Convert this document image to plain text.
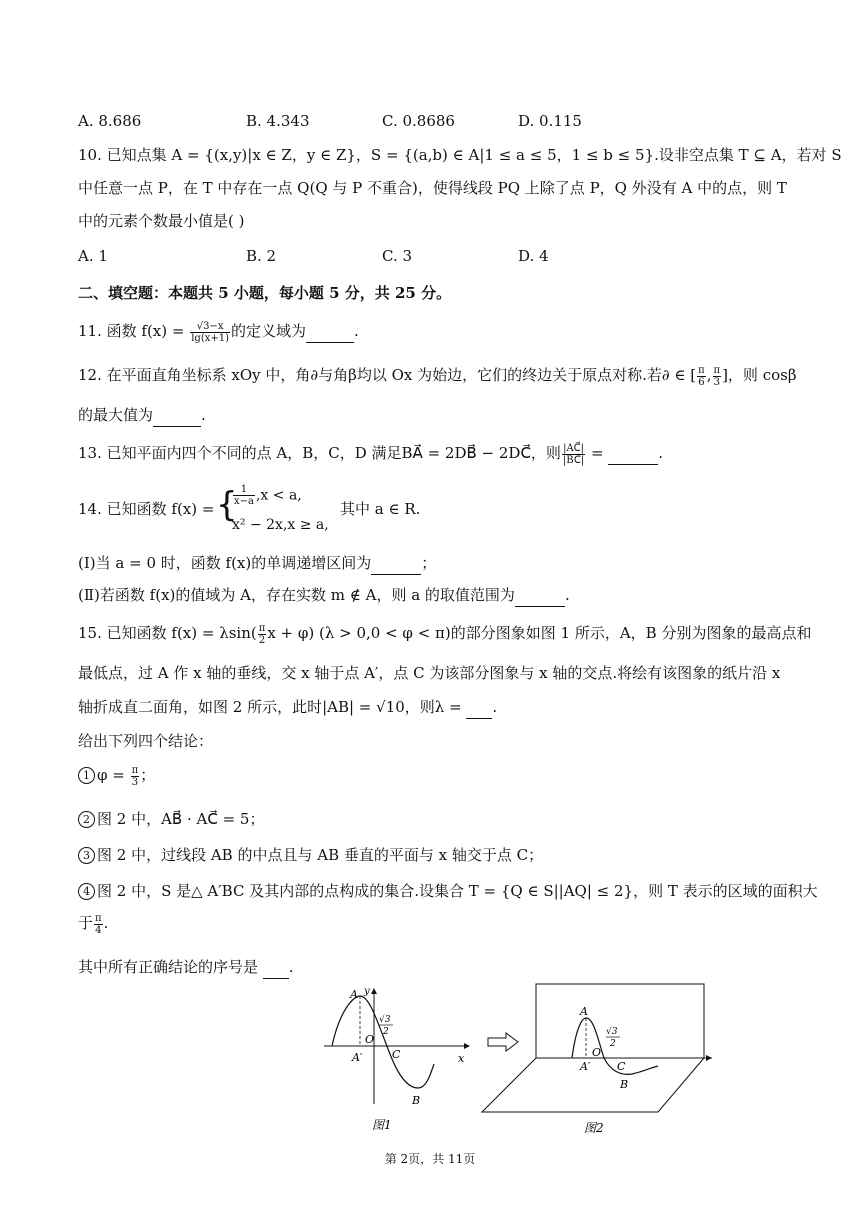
A. 8.686	B. 4.343	C. 0.8686	D. 0.115
10. 已知点集 A = {(x,y)|x ∈ Z，y ∈ Z}，S = {(a,b) ∈ A|1 ≤ a ≤ 5，1 ≤ b ≤ 5}.设非空点集 T ⊆ A，若对 S
中任意一点 P，在 T 中存在一点 Q(Q 与 P 不重合)，使得线段 PQ 上除了点 P，Q 外没有 A 中的点，则 T
中的元素个数最小值是( )
A. 1	B. 2	C. 3	D. 4
二、填空题：本题共 5 小题，每小题 5 分，共 25 分。
11. 函数 $f(x) = \frac{√3-x}{\lg(x+1)}$ 的定义域为	.
12. 在平面直角坐标系 xOy 中，角∂与角β均以 Ox 为始边，它们的终边关于原点对称.若∂ ∈ [ $\frac{\pi}{6}$ , $\frac{\pi}{3}$ ]，则 cosβ
的最大值为	.
13. 已知平面内四个不同的点 A，B，C，D 满足BA⃗ = 2DB⃗ − 2DC⃗，则 $\frac{|AC⃗|}{|BC⃗|}$ =	.
14. 已知函数 f(x) = {
$\frac{1}{x-a} ,x < a$,
x² − 2x,x ≥ a,
其中 a ∈ R.
(Ⅰ)当 a = 0 时，函数 f(x)的单调递增区间为	；
(Ⅱ)若函数 f(x)的值域为 A，存在实数 m ∉ A，则 a 的取值范围为	.
15. 已知函数 $f(x) = \lambda\sin( \frac{\pi}{2}$ x + φ) (λ > 0,0 < φ < π)的部分图象如图 1 所示，A，B 分别为图象的最高点和
最低点，过 A 作 x 轴的垂线，交 x 轴于点 A′，点 C 为该部分图象与 x 轴的交点.将绘有该图象的纸片沿 x
轴折成直二面角，如图 2 所示，此时|AB| = √10，则λ =  .
给出下列四个结论：
1 $\varphi = \frac{\pi}{3}$ ；
2 图 2 中，AB⃗ · AC⃗ = 5；
3 图 2 中，过线段 AB 的中点且与 AB 垂直的平面与 x 轴交于点 C；
4 图 2 中，S 是△ A′BC 及其内部的点构成的集合.设集合 T = {Q ∈ S||AQ| ≤ 2}，则 T 表示的区域的面积大
于 $\frac{\pi}{4}$ .
其中所有正确结论的序号是  .
y
x
A
O
A′	C
B
√3
2
图1
A
O
A′ C
B
√3
2
图2
第 2页，共 11页
